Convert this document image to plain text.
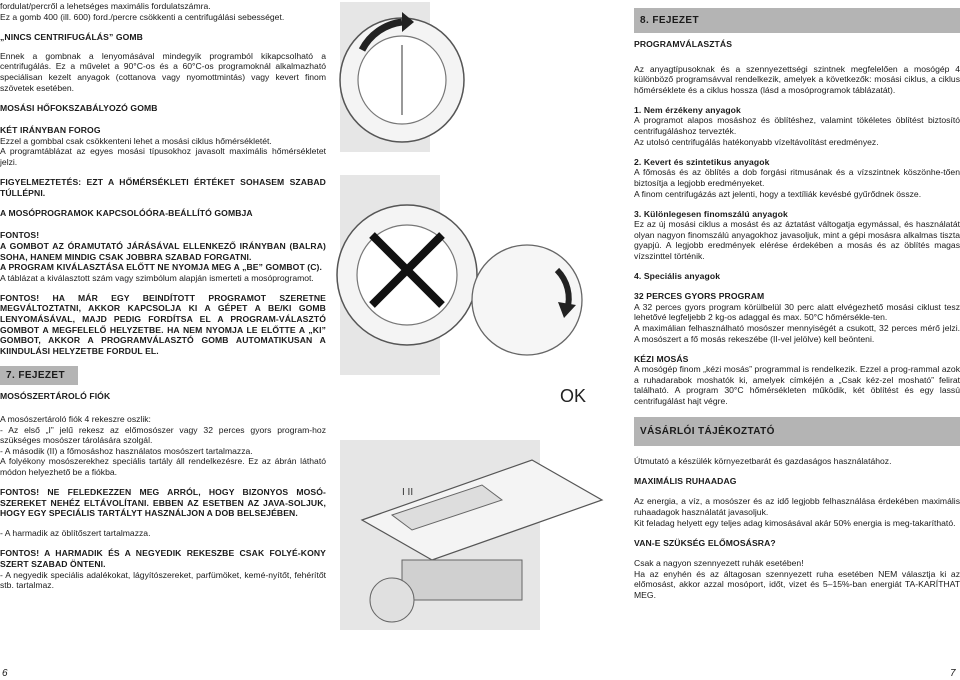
fordulat/percről a lehetséges maximális fordulatszámra.
Ez a gomb 400 (ill. 600) ford./percre csökkenti a centrifugálási sebességet.
„NINCS CENTRIFUGÁLÁS” GOMB
Ennek a gombnak a lenyomásával mindegyik programból kikapcsolható a centrifugálás. Ez a művelet a 90°C-os és a 60°C-os programoknál alkalmazható speciálisan kezelt anyagok (cottanova vagy nyomottmintás) vagy kevert finom szövetek esetében.
MOSÁSI HŐFOKSZABÁLYOZÓ GOMB
KÉT IRÁNYBAN FOROG
Ezzel a gombbal csak csökkenteni lehet a mosási ciklus hőmérsékletét.
A programtáblázat az egyes mosási típusokhoz javasolt maximális hőmérsékletet jelzi.
FIGYELMEZTETÉS: EZT A HŐMÉRSÉKLETI ÉRTÉKET SOHASEM SZABAD TÚLLÉPNI.
A MOSÓPROGRAMOK KAPCSOLÓÓRA-BEÁLLÍTÓ GOMBJA
FONTOS!
A GOMBOT AZ ÓRAMUTATÓ JÁRÁSÁVAL ELLENKEZŐ IRÁNYBAN (BALRA) SOHA, HANEM MINDIG CSAK JOBBRA SZABAD FORGATNI.
A PROGRAM KIVÁLASZTÁSA ELŐTT NE NYOMJA MEG A „BE” GOMBOT (C).
A táblázat a kiválasztott szám vagy szimbólum alapján ismerteti a mosóprogramot.
FONTOS! HA MÁR EGY BEINDÍTOTT PROGRAMOT SZERETNE MEGVÁLTOZTATNI, AKKOR KAPCSOLJA KI A GÉPET A BE/KI GOMB LENYOMÁSÁVAL, MAJD PEDIG FORDÍTSA EL A PROGRAM-VÁLASZTÓ GOMBOT A MEGFELELŐ HELYZETBE. HA NEM NYOMJA LE ELŐTTE A „KI” GOMBOT, AKKOR A PROGRAMVÁLASZTÓ GOMB AUTOMATIKUSAN A KIINDULÁSI HELYZETBE FORDUL EL.
7. FEJEZET
MOSÓSZERTÁROLÓ FIÓK
A mosószertároló fiók 4 rekeszre oszlik:
- Az első „I” jelű rekesz az előmosószer vagy 32 perces gyors program-hoz szükséges mosószer tárolására szolgál.
- A második (II) a főmosáshoz használatos mosószert tartalmazza.
A folyékony mosószerekhez speciális tartály áll rendelkezésre. Ez az ábrán látható módon helyezhető be a fiókba.
FONTOS! NE FELEDKEZZEN MEG ARRÓL, HOGY BIZONYOS MOSÓ-SZEREKET NEHÉZ ELTÁVOLÍTANI. EBBEN AZ ESETBEN AZ JAVA-SOLJUK, HOGY EGY SPECIÁLIS TARTÁLYT HASZNÁLJON A DOB BELSEJÉBEN.
- A harmadik az öblítőszert tartalmazza.
FONTOS! A HARMADIK ÉS A NEGYEDIK REKESZBE CSAK FOLYÉ-KONY SZERT SZABAD ÖNTENI.
- A negyedik speciális adalékokat, lágyítószereket, parfümöket, kemé-nyítőt, fehérítőt stb. tartalmaz.
6
OK
I II
8. FEJEZET
PROGRAMVÁLASZTÁS
Az anyagtípusoknak és a szennyezettségi szintnek megfelelően a mosógép 4 különböző programsávval rendelkezik, amelyek a következők: mosási ciklus, a ciklus hőmérséklete és a ciklus hossza (lásd a mosóprogramok táblázatát).
1. Nem érzékeny anyagok
A programot alapos mosáshoz és öblítéshez, valamint tökéletes öblítést biztosító centrifugáláshoz tervezték.
Az utolsó centrifugálás hatékonyabb vízeltávolítást eredményez.
2. Kevert és szintetikus anyagok
A főmosás és az öblítés a dob forgási ritmusának és a vízszintnek köszönhe-tően biztosítja a legjobb eredményeket.
A finom centrifugázás azt jelenti, hogy a textíliák kevésbé gyűrődnek össze.
3. Különlegesen finomszálú anyagok
Ez az új mosási ciklus a mosást és az áztatást váltogatja egymással, és használatát olyan nagyon finomszálú anyagokhoz javasoljuk, mint a gépi mosásra alkalmas tiszta gyapjú. A legjobb eredmények elérése érdekében a mosás és az öblítés magas vízszinttel történik.
4. Speciális anyagok
32 PERCES GYORS PROGRAM
A 32 perces gyors program körülbelül 30 perc alatt elvégezhető mosási ciklust tesz lehetővé legfeljebb 2 kg-os adaggal és max. 50°C hőmérsékle-ten.
A maximálian felhasználható mosószer mennyiségét a csukott, 32 perces mérő jelzi. A mosószert a fő mosás rekeszébe (II-vel jelölve) kell beönteni.
KÉZI MOSÁS
A mosógép finom „kézi mosás” programmal is rendelkezik. Ezzel a prog-rammal azok a ruhadarabok moshatók ki, amelyek címkéjén a „Csak kéz-zel mosható” felirat található. A program 30°C hőmérsékleten működik, két öblítést és egy lassú centrifugálást hajt végre.
VÁSÁRLÓI TÁJÉKOZTATÓ
Útmutató a készülék környezetbarát és gazdaságos használatához.
MAXIMÁLIS RUHAADAG
Az energia, a víz, a mosószer és az idő legjobb felhasználása érdekében maximális ruhaadagok használatát javasoljuk.
Kit feladag helyett egy teljes adag kimosásával akár 50% energia is meg-takarítható.
VAN-E SZÜKSÉG ELŐMOSÁSRA?
Csak a nagyon szennyezett ruhák esetében!
Ha az enyhén és az áltagosan szennyezett ruha esetében NEM választja ki az előmosást, akkor azzal mosóport, időt, vizet és 5–15%-ban energiát TA-KARÍTHAT MEG.
7
